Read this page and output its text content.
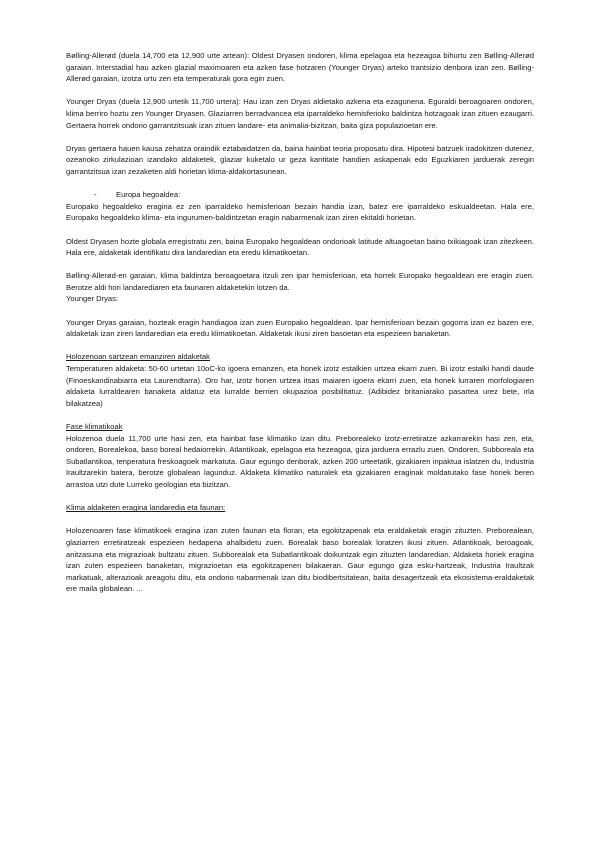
Bølling-Allerød (duela 14,700 eta 12,900 urte artean): Oldest Dryasen ondoren, klima epelagoa eta hezeagoa bihurtu zen Bølling-Allerød garaian. Interstadial hau azken glazial maximoaren eta azken fase hotzaren (Younger Dryas) arteko trantsizio denbora izan zen. Bølling-Allerød garaian, izotza urtu zen eta temperaturak gora egin zuen.

Younger Dryas (duela 12,900 urtetik 11,700 urtera): Hau izan zen Dryas aldietako azkena eta ezagunena. Eguraldi beroagoaren ondoren, klima berriro hoztu zen Younger Dryasen. Glaziarren berradvancea eta iparraldeko hemisferioko baldintza hotzagoak izan zituen ezaugarri. Gertaera horrek ondorio garrantzitsuak izan zituen landare- eta animalia-bizitzan, baita giza populazioetan ere.

Dryas gertaera hauen kausa zehatza oraindik eztabaidatzen da, baina hainbat teoria proposatu dira. Hipotesi batzuek iradokitzen dutenez, ozeanoko zirkulazioan izandako aldaketek, glaziar kuketalo ur geza kantitate handien askapenak edo Eguzkiaren jarduerak zeregin garrantzitsua izan zezaketen aldi horietan klima-aldakortasunean.

-	Europa hegoaldea:

Europako hegoaldeko eragina ez zen iparraldeko hemisferioan bezain handia izan, batez ere iparraldeko eskualdeetan. Hala ere, Europako hegoaldeko klima- eta ingurumen-baldintzetan eragin nabarmenak izan ziren ekitaldi horietan.

Oldest Dryasen hozte globala erregistratu zen, baina Europako hegoaldean ondorioak latitude altuagoetan baino txikiagoak izan zitezkeen. Hala ere, aldaketak identifikatu dira landaredian eta eredu klimatikoetan.

Bølling-Allerød-en garaian, klima baldintza beroagoetara itzuli zen ipar hemisferioan, eta horrek Europako hegoaldean ere eragin zuen. Berotze aldi hori landarediaren eta faunaren aldaketekin lotzen da.

Younger Dryas:

Younger Dryas garaian, hozteak eragin handiagoa izan zuen Europako hegoaldean. Ipar hemisferioan bezain gogorra izan ez bazen ere, aldaketak izan ziren landaredian eta eredu klimatikoetan. Aldaketak ikusi ziren basoetan eta espezieen banaketan.

Holozenoan sartzean emanziren aldaketak

Temperaturen aldaketa: 50-60 urtetan 10oC-ko igoera emanzen, eta honek izotz estalkien urtzea ekarri zuen. Bi izotz estalki handi daude (Finoeskandinabiarra eta Laurendtarra). Oro har, izotz honen urtzea itsas maiaren igoera ekarri zuen, eta honek lurraren morfologiaren aldaketa lurraldearen banaketa aldatuz eta lurralde berrien okupazioa posibilitatuz. (Adibidez britaniarako pasartea urez bete, irla bilakatzea)

Fase klimatikoak

Holozenoa duela 11,700 urte hasi zen, eta hainbat fase klimatiko izan ditu. Preborealeko izotz-erretiratze azkarrarekin hasi zen, eta, ondoren, Borealekoa, baso boreal hedaiorrekin. Atlantikoak, epelagoa eta hezeagoa, giza jarduera errazlu zuen. Ondoren, Subboreala eta Subatlantikoa, tenperatura freskoagoek markatuta. Gaur egungo denborak, azken 200 urteetatik, gizakiaren inpaktua islatzen du, Industria Iraultzarekin batera, berotze globalean lagunduz. Aldaketa klimatiko naturalek eta gizakiaren eraginak moldatutako fase horiek beren arrastoa utzi dute Lurreko geologian eta bizitzan.

Klima aldaketen eragina landaredia eta faunan:

Holozenoaren fase klimatikoek eragina izan zuten faunan eta floran, eta egokitzapenak eta eraldaketak eragin zituzten. Preborealean, glaziarren erretiratzeak espezieen hedapena ahalbidetu zuen. Borealak baso borealak loratzen ikusi zituen. Atlantikoak, beroagoak, anitzasuna eta migrazioak bultzatu zituen. Subborealak eta Subatlantikoak doikuntzak egin zituzten landaredian. Aldaketa horiek eragina izan zuten espezieen banaketan, migrazioetan eta egokitzapenen bilakaeran. Gaur egungo giza esku-hartzeak, Industria Iraultzak markatuak, alterazioak areagotu ditu, eta ondorio nabarmenak izan ditu biodibertsitatean, baita desagertzeak eta ekosistema-eraldaketak ere maila globalean. ...
